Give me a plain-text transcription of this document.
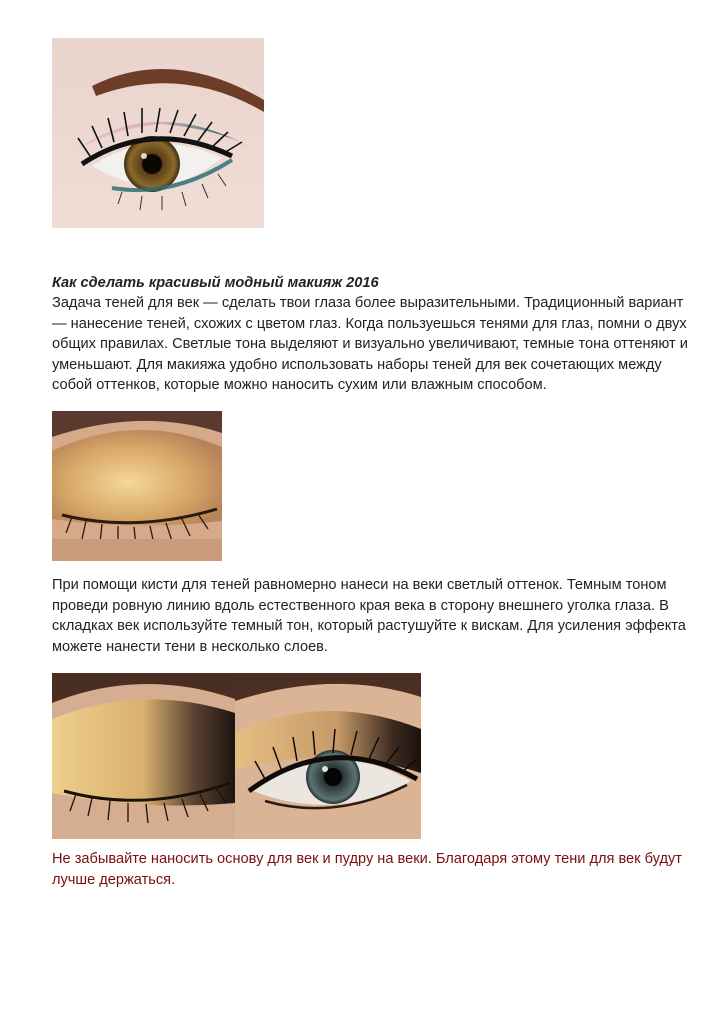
Как сделать красивый модный макияж 2016

Задача теней для век — сделать твои глаза более выразительными. Традиционный вариант — нанесение теней, схожих с цветом глаз. Когда пользуешься тенями для глаз, помни о двух общих правилах. Светлые тона выделяют и визуально увеличивают, темные тона оттеняют и уменьшают. Для макияжа удобно использовать наборы теней для век сочетающих между собой оттенков, которые можно наносить сухим или влажным способом.

При помощи кисти для теней равномерно нанеси на веки светлый оттенок. Темным тоном проведи ровную линию вдоль естественного края века в сторону внешнего уголка глаза. В складках век используйте темный тон, который растушуйте к вискам. Для усиления эффекта можете нанести тени в несколько слоев.

Не забывайте наносить основу для век и пудру на веки. Благодаря этому тени для век будут лучше держаться.
